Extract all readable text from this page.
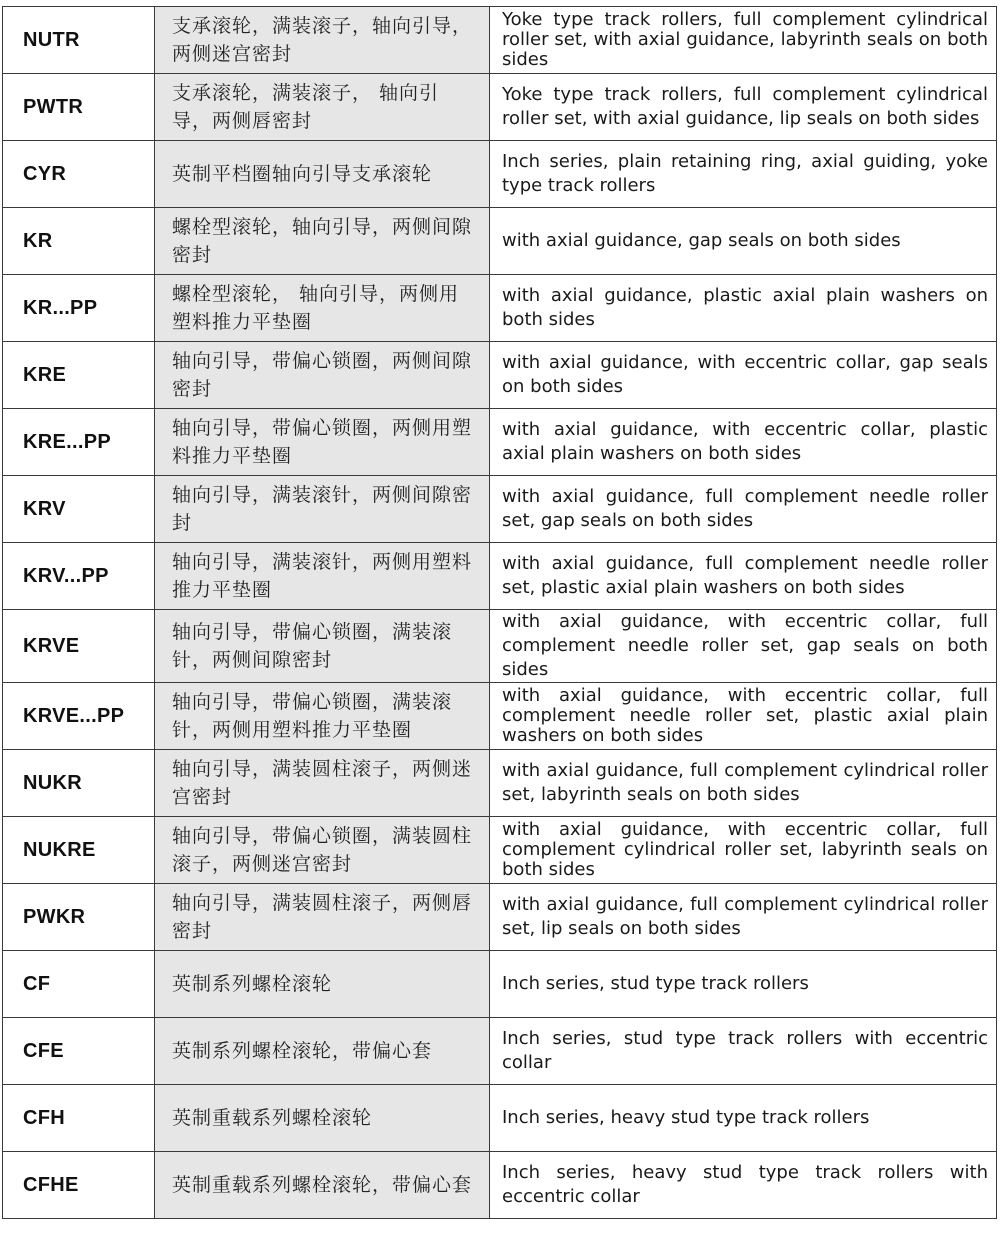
NUTR	支承滚轮，满装滚子，轴向引导，两侧迷宫密封	Yoke type track rollers, full complement cylindrical roller set, with axial guidance, labyrinth seals on both sides
PWTR	支承滚轮，满装滚子， 轴向引导，两侧唇密封	Yoke type track rollers, full complement cylindrical roller set, with axial guidance, lip seals on both sides
CYR	英制平档圈轴向引导支承滚轮	Inch series, plain retaining ring, axial guiding, yoke type track rollers
KR	螺栓型滚轮，轴向引导，两侧间隙密封	with axial guidance, gap seals on both sides
KR...PP	螺栓型滚轮， 轴向引导，两侧用塑料推力平垫圈	with axial guidance, plastic axial plain washers on both sides
KRE	轴向引导，带偏心锁圈，两侧间隙密封	with axial guidance, with eccentric collar, gap seals on both sides
KRE...PP	轴向引导，带偏心锁圈，两侧用塑料推力平垫圈	with axial guidance, with eccentric collar, plastic axial plain washers on both sides
KRV	轴向引导，满装滚针，两侧间隙密封	with axial guidance, full complement needle roller set, gap seals on both sides
KRV...PP	轴向引导，满装滚针，两侧用塑料推力平垫圈	with axial guidance, full complement needle roller set, plastic axial plain washers on both sides
KRVE	轴向引导，带偏心锁圈，满装滚针，两侧间隙密封	with axial guidance, with eccentric collar, full complement needle roller set, gap seals on both sides
KRVE...PP	轴向引导，带偏心锁圈，满装滚针，两侧用塑料推力平垫圈	with axial guidance, with eccentric collar, full complement needle roller set, plastic axial plain washers on both sides
NUKR	轴向引导，满装圆柱滚子，两侧迷宫密封	with axial guidance, full complement cylindrical roller set, labyrinth seals on both sides
NUKRE	轴向引导，带偏心锁圈，满装圆柱滚子，两侧迷宫密封	with axial guidance, with eccentric collar, full complement cylindrical roller set, labyrinth seals on both sides
PWKR	轴向引导，满装圆柱滚子，两侧唇密封	with axial guidance, full complement cylindrical roller set, lip seals on both sides
CF	英制系列螺栓滚轮	Inch series, stud type track rollers
CFE	英制系列螺栓滚轮，带偏心套	Inch series, stud type track rollers with eccentric collar
CFH	英制重载系列螺栓滚轮	Inch series, heavy stud type track rollers
CFHE	英制重载系列螺栓滚轮，带偏心套	Inch series, heavy stud type track rollers with eccentric collar
